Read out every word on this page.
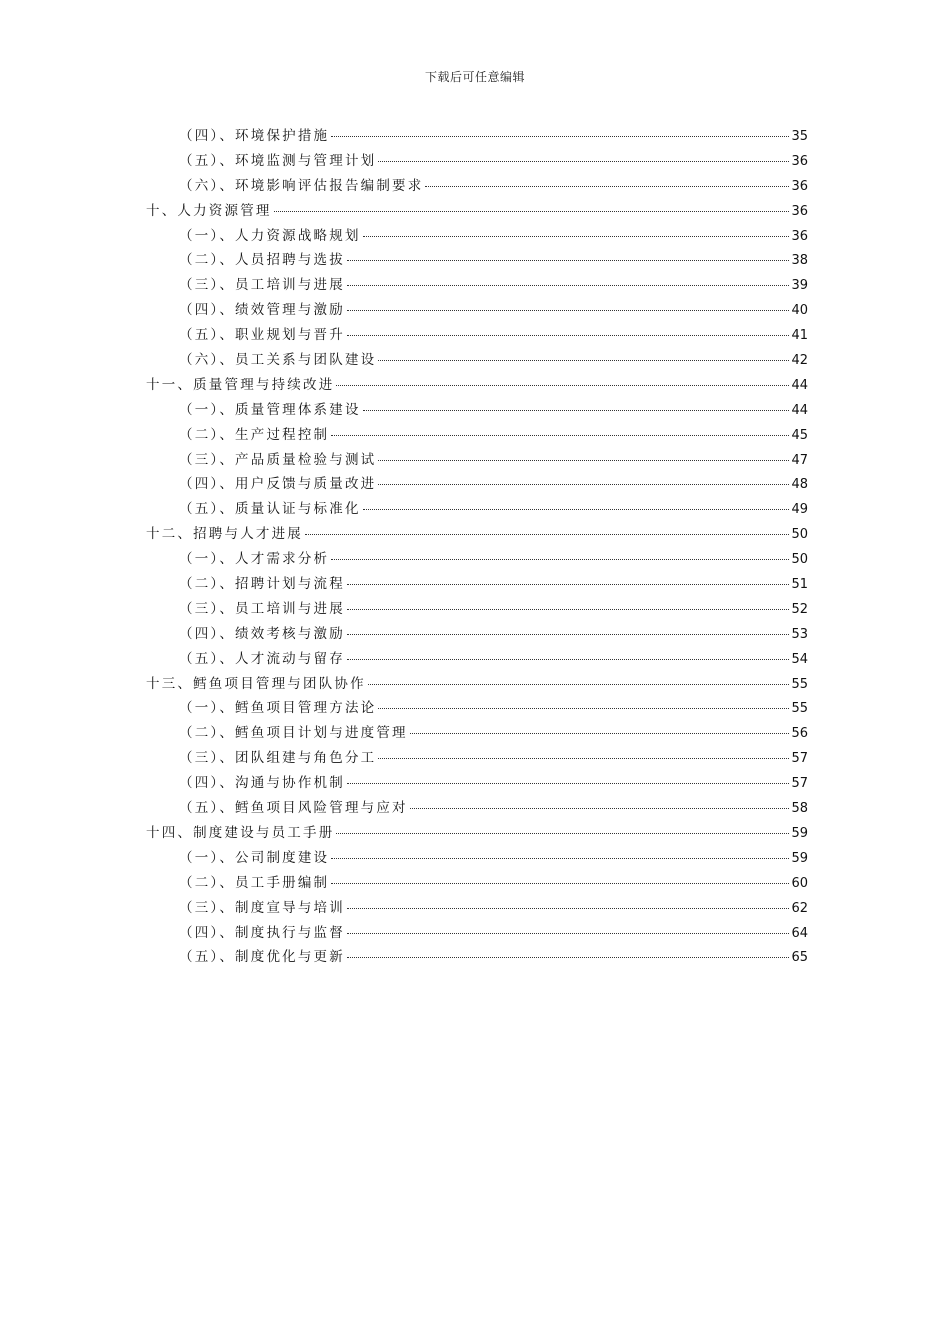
下载后可任意编辑
（四）、环境保护措施	35
（五）、环境监测与管理计划	36
（六）、环境影响评估报告编制要求	36
十、人力资源管理	36
（一）、人力资源战略规划	36
（二）、人员招聘与选拔	38
（三）、员工培训与进展	39
（四）、绩效管理与激励	40
（五）、职业规划与晋升	41
（六）、员工关系与团队建设	42
十一、质量管理与持续改进	44
（一）、质量管理体系建设	44
（二）、生产过程控制	45
（三）、产品质量检验与测试	47
（四）、用户反馈与质量改进	48
（五）、质量认证与标准化	49
十二、招聘与人才进展	50
（一）、人才需求分析	50
（二）、招聘计划与流程	51
（三）、员工培训与进展	52
（四）、绩效考核与激励	53
（五）、人才流动与留存	54
十三、鳕鱼项目管理与团队协作	55
（一）、鳕鱼项目管理方法论	55
（二）、鳕鱼项目计划与进度管理	56
（三）、团队组建与角色分工	57
（四）、沟通与协作机制	57
（五）、鳕鱼项目风险管理与应对	58
十四、制度建设与员工手册	59
（一）、公司制度建设	59
（二）、员工手册编制	60
（三）、制度宣导与培训	62
（四）、制度执行与监督	64
（五）、制度优化与更新	65
